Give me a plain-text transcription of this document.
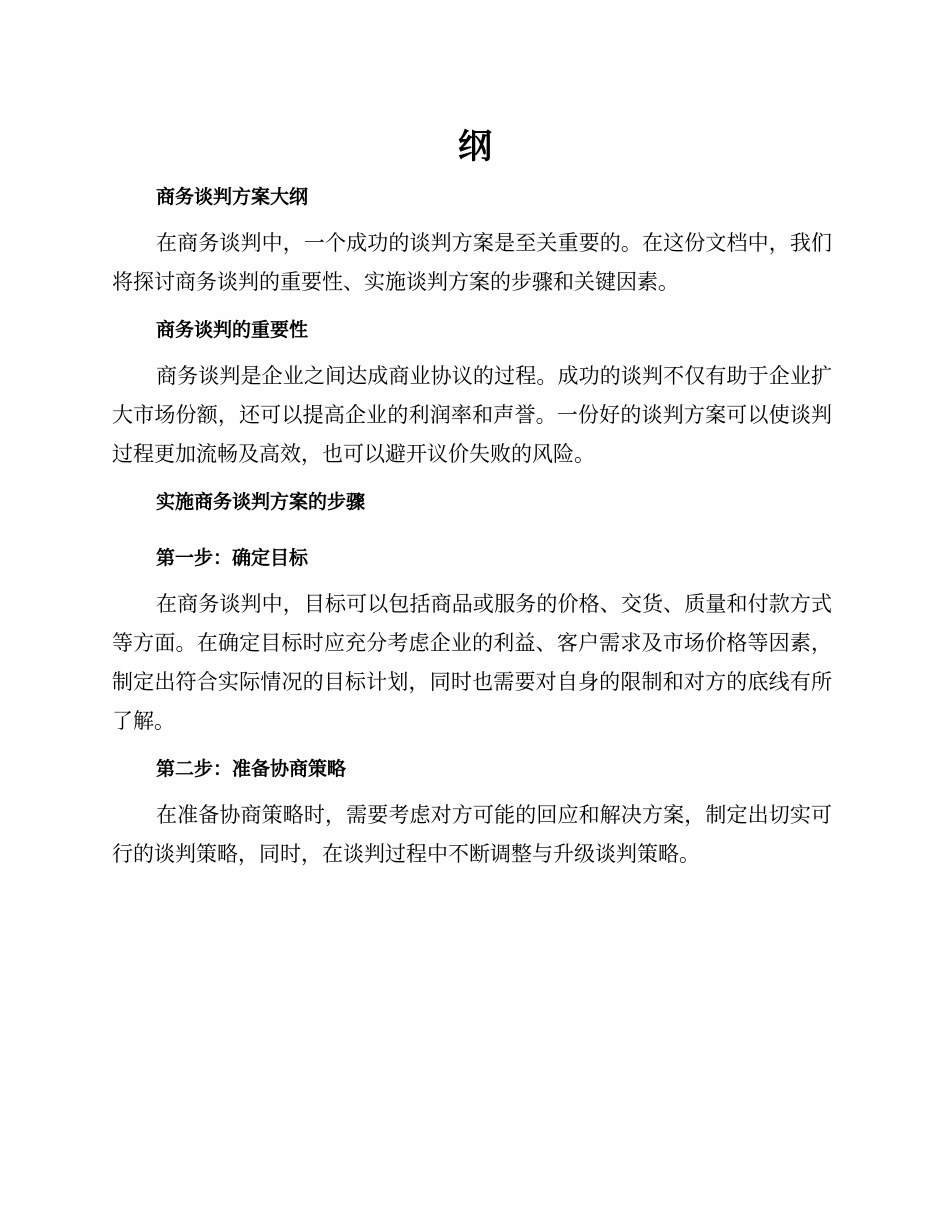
纲
商务谈判方案大纲

在商务谈判中，一个成功的谈判方案是至关重要的。在这份文档中，我们将探讨商务谈判的重要性、实施谈判方案的步骤和关键因素。

商务谈判的重要性

商务谈判是企业之间达成商业协议的过程。成功的谈判不仅有助于企业扩大市场份额，还可以提高企业的利润率和声誉。一份好的谈判方案可以使谈判过程更加流畅及高效，也可以避开议价失败的风险。

实施商务谈判方案的步骤
第一步：确定目标

在商务谈判中，目标可以包括商品或服务的价格、交货、质量和付款方式等方面。在确定目标时应充分考虑企业的利益、客户需求及市场价格等因素，制定出符合实际情况的目标计划，同时也需要对自身的限制和对方的底线有所了解。

第二步：准备协商策略

在准备协商策略时，需要考虑对方可能的回应和解决方案，制定出切实可行的谈判策略，同时，在谈判过程中不断调整与升级谈判策略。
